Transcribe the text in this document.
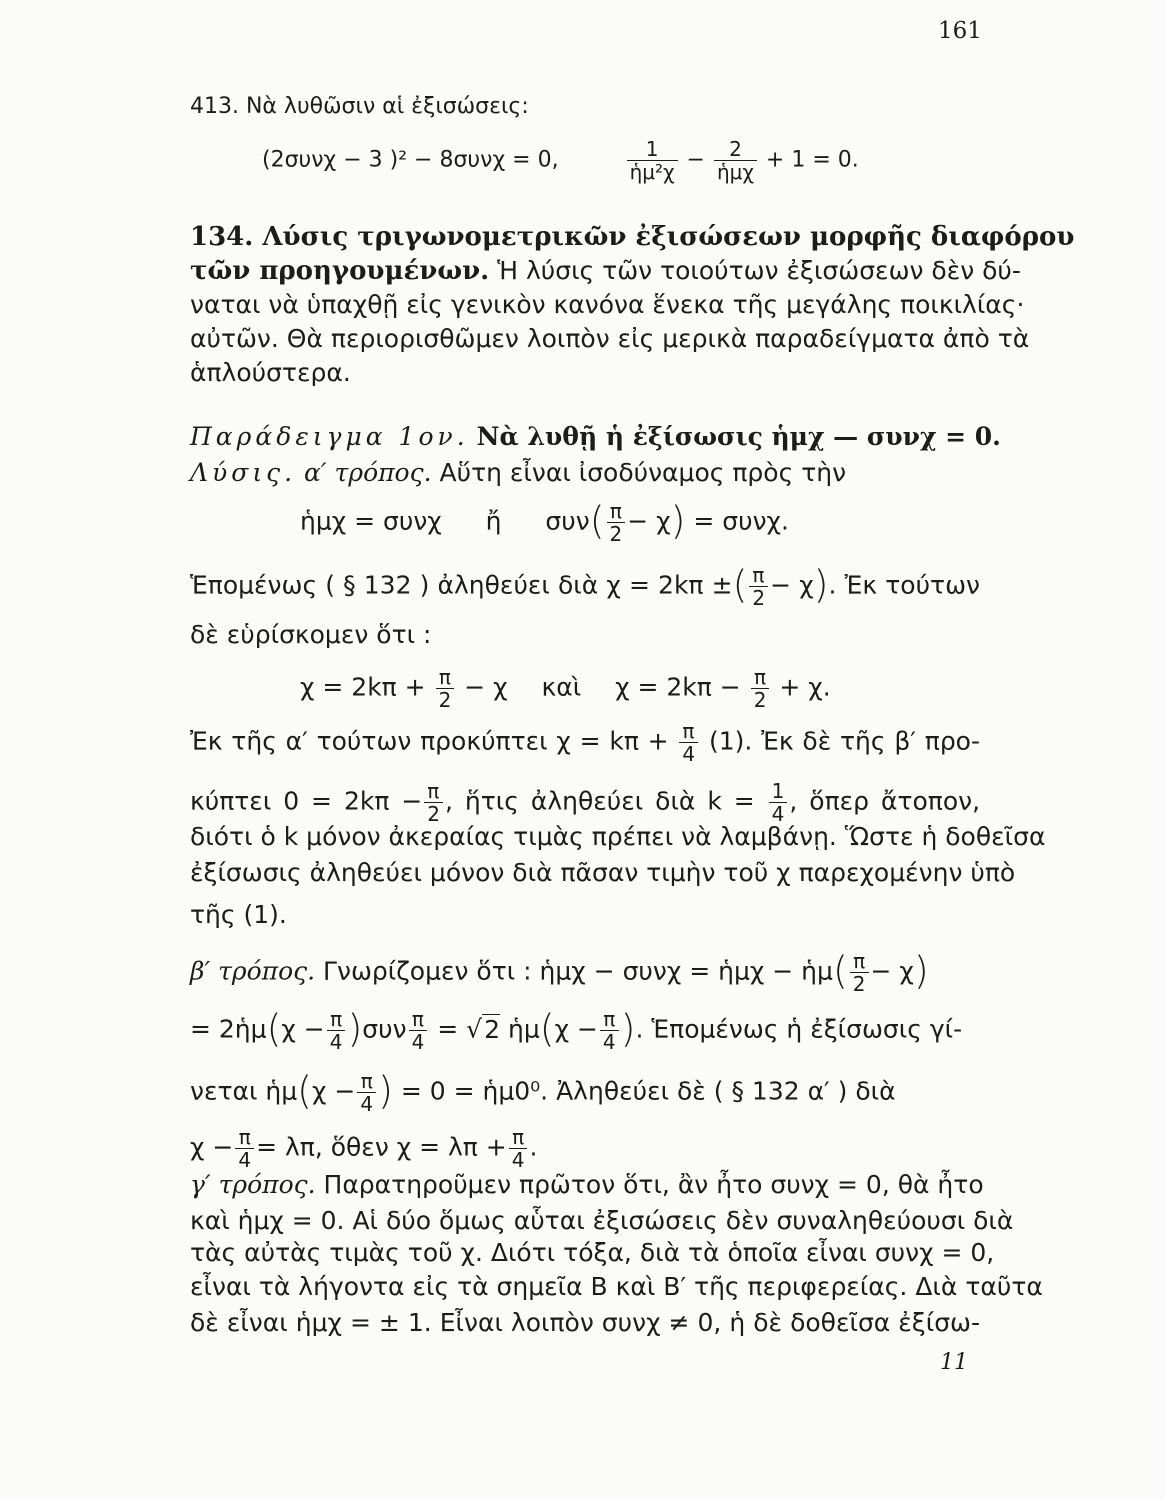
161
413. Νὰ λυθῶσιν αἱ ἐξισώσεις:
(2συνχ − 3 )² − 8συνχ = 0,	$\frac{1}{\text{ἡμ²χ}} - \frac{2}{\text{ἡμχ}} + 1 = 0$.
134. Λύσις τριγωνομετρικῶν ἐξισώσεων μορφῆς διαφόρου
τῶν προηγουμένων. Ἡ λύσις τῶν τοιούτων ἐξισώσεων δὲν δύ-
ναται νὰ ὑπαχθῇ εἰς γενικὸν κανόνα ἕνεκα τῆς μεγάλης ποικιλίας·
αὐτῶν. Θὰ περιορισθῶμεν λοιπὸν εἰς μερικὰ παραδείγματα ἀπὸ τὰ
ἁπλούστερα.
Παράδειγμα 1ον. Νὰ λυθῇ ἡ ἐξίσωσις ἡμχ — συνχ = 0.
Λύσις. α′ τρόπος. Αὕτη εἶναι ἰσοδύναμος πρὸς τὴν
ἡμχ = συνχ ἤ $\sigma\upsilon\nu( \frac{\pi}{2} - \chi) = \sigma\upsilon\nu\chi$.
Ἑπομένως ( § 132 ) ἀληθεύει διὰ χ = 2kπ ±( $\frac{\pi}{2} - \chi$). Ἐκ τούτων
δὲ εὑρίσκομεν ὅτι :
$\chi = 2k\pi + \frac{\pi}{2} - \chi$ καὶ $\chi = 2k\pi - \frac{\pi}{2} + \chi$.
Ἐκ τῆς α′ τούτων προκύπτει $\chi = k\pi + \frac{\pi}{4} (1)$. Ἐκ δὲ τῆς β′ προ-
κύπτει $0 = 2k\pi - \frac{\pi}{2}$ , ἥτις ἀληθεύει διὰ $k = \frac{1}{4}$ , ὅπερ ἄτοπον,
διότι ὁ k μόνον ἀκεραίας τιμὰς πρέπει νὰ λαμβάνῃ. Ὥστε ἡ δοθεῖσα
ἐξίσωσις ἀληθεύει μόνον διὰ πᾶσαν τιμὴν τοῦ χ παρεχομένην ὑπὸ
τῆς (1).
β′ τρόπος. Γνωρίζομεν ὅτι : ἡμχ − συνχ = ἡμχ − ἡμ( $\frac{\pi}{2} - \chi$)
= 2ἡμ(χ − $\frac{\pi}{4} )\sigma\upsilon\nu \frac{\pi}{4} = √2$ ἡμ(χ − $\frac{\pi}{4}$ ). Ἑπομένως ἡ ἐξίσωσις γί-
νεται ἡμ(χ − $\frac{\pi}{4}$ ) = 0 = ἡμ0⁰. Ἀληθεύει δὲ ( § 132 α′ ) διὰ
$\chi - \frac{\pi}{4} = \lambda\pi$, ὅθεν $\chi = \lambda\pi + \frac{\pi}{4}$ .
γ′ τρόπος. Παρατηροῦμεν πρῶτον ὅτι, ἂν ἦτο συνχ = 0, θὰ ἦτο
καὶ ἡμχ = 0. Αἱ δύο ὅμως αὗται ἐξισώσεις δὲν συναληθεύουσι διὰ
τὰς αὐτὰς τιμὰς τοῦ χ. Διότι τόξα, διὰ τὰ ὁποῖα εἶναι συνχ = 0,
εἶναι τὰ λήγοντα εἰς τὰ σημεῖα Β καὶ Β′ τῆς περιφερείας. Διὰ ταῦτα
δὲ εἶναι ἡμχ = ± 1. Εἶναι λοιπὸν συνχ ≠ 0, ἡ δὲ δοθεῖσα ἐξίσω-
11
